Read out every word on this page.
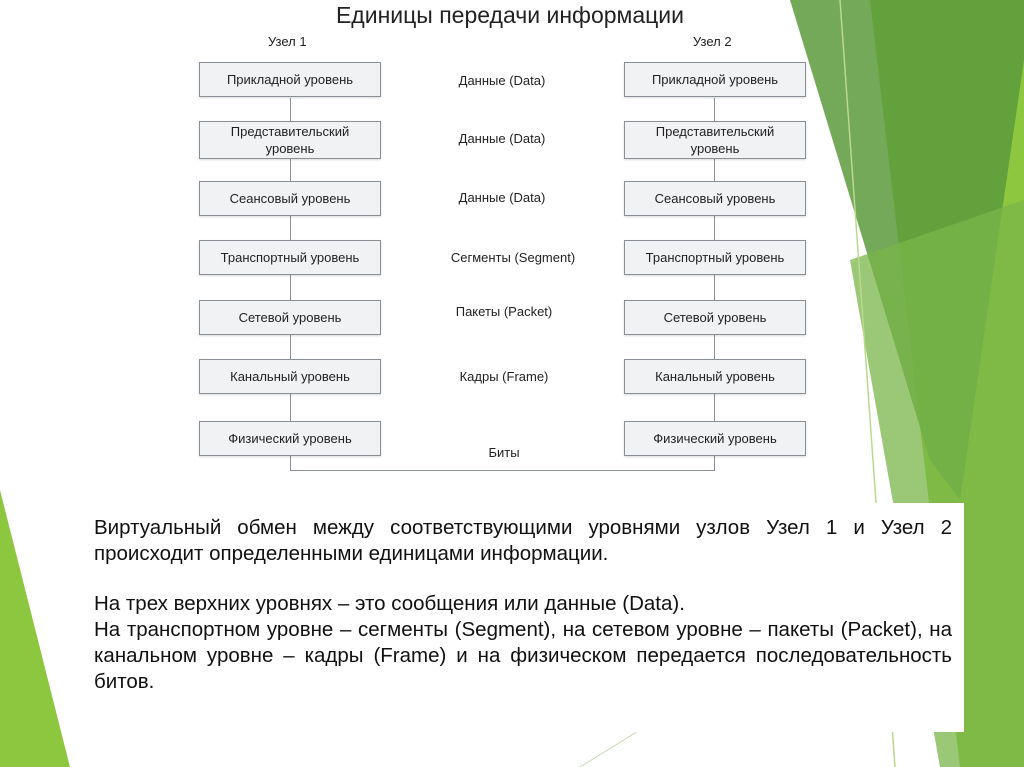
Единицы передачи информации
Узел 1	Узел 2
Прикладной уровень
Представительский уровень
Сеансовый уровень
Транспортный уровень
Сетевой уровень
Канальный уровень
Физический уровень
Прикладной уровень
Представительский уровень
Сеансовый уровень
Транспортный уровень
Сетевой уровень
Канальный уровень
Физический уровень
Данные (Data)
Данные (Data)
Данные (Data)
Сегменты (Segment)
Пакеты (Packet)
Кадры (Frame)
Биты

Виртуальный обмен между соответствующими уровнями узлов Узел 1 и Узел 2 происходит определенными единицами информации.

На трех верхних уровнях – это сообщения или данные (Data).

На транспортном уровне – сегменты (Segment), на сетевом уровне – пакеты (Packet), на канальном уровне – кадры (Frame) и на физическом передается последовательность битов.
